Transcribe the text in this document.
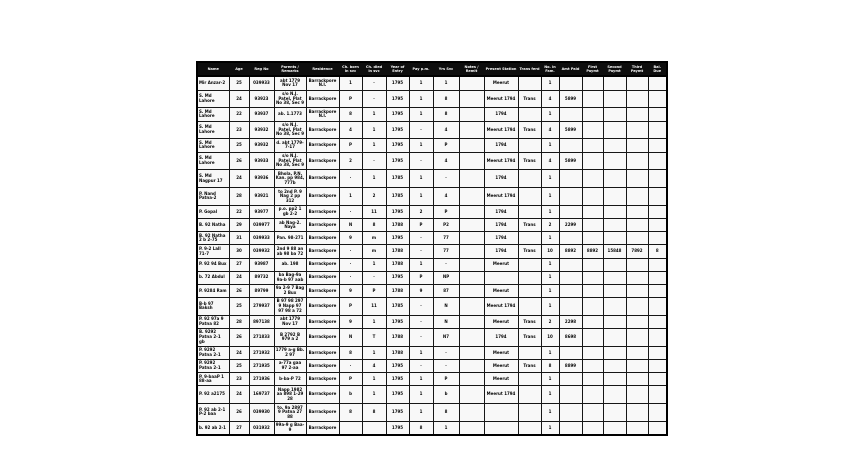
Name	Age	Reg No	Parents / Remarks	Residence	Ch. born in svc	Ch. died in svc	Year of Entry	Pay p.m.	Yrs Svc	Notes / Remit	Present Station	Trans ferd	No. in Fam.	Amt Paid	First Paymt	Second Paymt	Third Paymt	Bal. Due
Mir Anzar-2	25	039933	abt 1779 Nov 17	Barrackpore N.I.	1	·	1795	1	1		Meerut		1					
S. Md Lahore	24	93923	s/o N.J. Patel, Plat No 38, Sec 9	Barrackpore	P	·	1795	1	8		Meerut 1794	Trans	4	5899				
S. Md Lahore	22	93937	ab. 1.1773	Barrackpore N.I.	8	1	1795	1	8		1794		1					
S. Md Lahore	23	93932	s/o N.J. Patel, Plat No 38, Sec 9	Barrackpore	4	1	1795	·	4		Meerut 1794	Trans	4	5899				
S. Md Lahore	25	93932	d. abt 1779-7-17	Barrackpore	P	1	1795	1	P		1794		1					
S. Md Lahore	26	93933	s/o N.J. Patel, Plat No 38, Sec 9	Barrackpore	2	·	1795	·	4		Meerut 1794	Trans	4	5899				
S. Md Nagpur 17	24	93936	Bhola, P.N. Kan. pp 984, 777b	Barrackpore	·	1	1785	1	·		1794		1					
P. Nand Patna-2	28	93921	to 2nd P. 9 Nag 2 pp 312	Barrackpore	1	2	1785	1	4		Meerut 1794		1					
P. Gopal	22	93977	p.o. pp2 1 gb 2-2	Barrackpore	·	11	1795	2	P		1794		1					
B. 92 Natha	29	039977	ab Nag-2. Naya	Barrackpore	N	8	1788	P	P2		1794	Trans	2	2299				
B. 92 Natha 2 b 2-75	31	039933	Pan. 98-271	Barrackpore	9	m	1795	·	77		1794		1					
P. 9-2 Lall 71-7	30	039932	2nd 9 88 an ab 98 ba 72	Barrackpore	·	m	1788	·	77		1794	Trans	10	8892	8892	15848	7892	8
P. 92 94 Bux	27	93987	ab. 198	Barrackpore	·	1	1788	1	·		Meerut		1					
b. 72 Abdul	24	89732	ba Bag-9a 9a-b 97 aab	Barrackpore	·	·	1795	P	NP				1					
P. 9284 Ram	26	89799	9a 2-9 7 Bag 2 Bux	Barrackpore	9	P	1788	9	87		Meerut		1					
B-b 97 Baksh	25	279937	B 97 98 297 9 Napp 97 97 98 a 72	Barrackpore	P	11	1785	·	N		Meerut 1794		1					
P. 92 97a 9 Patna 82	28	897138	abt 1779 Nov 17	Barrackpore	9	1	1795	·	N		Meerut	Trans	2	2298				
B. 9292 Patna 2-1 gb	26	271833	B 2792 B 979 a 2	Barrackpore	N	T	1788	·	N7		1794	Trans	10	8698				
P. 9292 Patna 2-1	24	271932	1779 a-g Bb. 2 97	Barrackpore	8	1	1788	1	·		Meerut		1					
P. 9292 Patna 2-1	25	271935	a-77a gaa 97 2-aa	Barrackpore	·	4	1795	·	·		Meerut	Trans	8	8899				
P. 9-baaP 1 88-aa	23	271936	b-ba-P 72	Barrackpore	P	1	1795	1	P		Meerut		1					
P. 92 a2175	24	169737	Napp 1982 aa 898 1-29 28	Barrackpore	b	1	1795	1	b		Meerut 1794		1					
P. 92 ab 2-1 P-2 baa	26	039930	to. 9a 2897 9 Patna 27 88	Barrackpore	8	8	1795	1	8				1					
b. 92 ab 2-1	27	031932	99a-9 g Baa-9	Barrackpore			1795	8	1				1					
